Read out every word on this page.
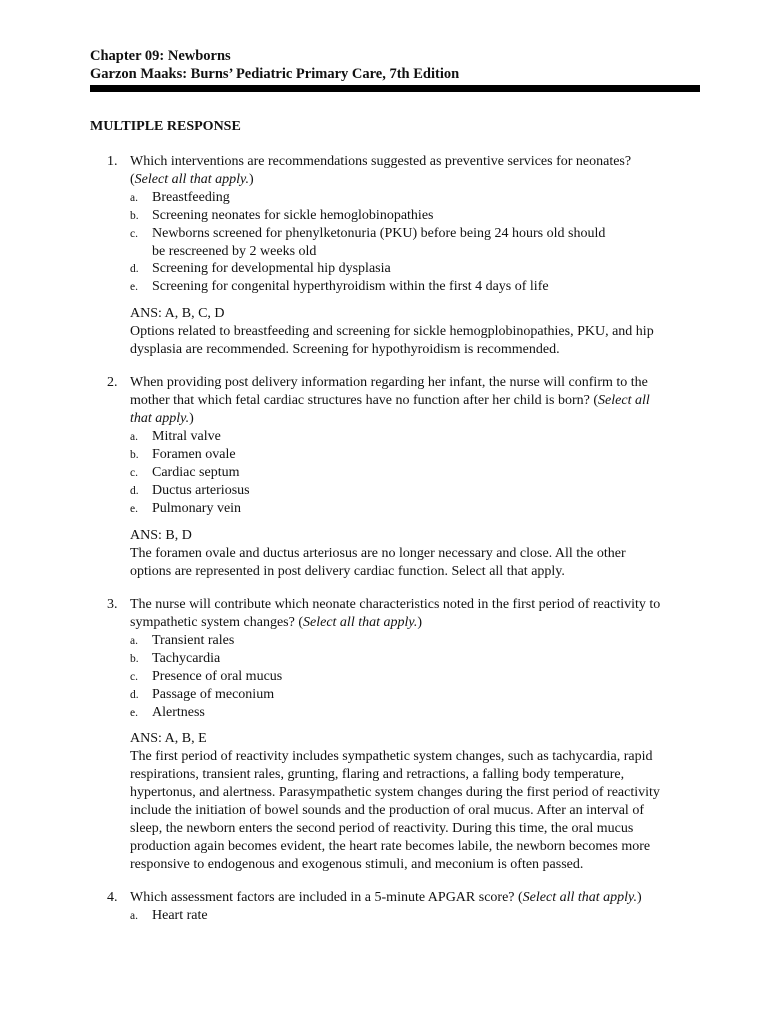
Chapter 09: Newborns
Garzon Maaks: Burns’ Pediatric Primary Care, 7th Edition
MULTIPLE RESPONSE
1. Which interventions are recommendations suggested as preventive services for neonates?
(Select all that apply.)
a. Breastfeeding
b. Screening neonates for sickle hemoglobinopathies
c. Newborns screened for phenylketonuria (PKU) before being 24 hours old should
be rescreened by 2 weeks old
d. Screening for developmental hip dysplasia
e. Screening for congenital hyperthyroidism within the first 4 days of life
ANS: A, B, C, D
Options related to breastfeeding and screening for sickle hemogplobinopathies, PKU, and hip
dysplasia are recommended. Screening for hypothyroidism is recommended.
2. When providing post delivery information regarding her infant, the nurse will confirm to the
mother that which fetal cardiac structures have no function after her child is born? (Select all
that apply.)
a. Mitral valve
b. Foramen ovale
c. Cardiac septum
d. Ductus arteriosus
e. Pulmonary vein
ANS: B, D
The foramen ovale and ductus arteriosus are no longer necessary and close. All the other
options are represented in post delivery cardiac function. Select all that apply.
3. The nurse will contribute which neonate characteristics noted in the first period of reactivity to
sympathetic system changes? (Select all that apply.)
a. Transient rales
b. Tachycardia
c. Presence of oral mucus
d. Passage of meconium
e. Alertness
ANS: A, B, E
The first period of reactivity includes sympathetic system changes, such as tachycardia, rapid
respirations, transient rales, grunting, flaring and retractions, a falling body temperature,
hypertonus, and alertness. Parasympathetic system changes during the first period of reactivity
include the initiation of bowel sounds and the production of oral mucus. After an interval of
sleep, the newborn enters the second period of reactivity. During this time, the oral mucus
production again becomes evident, the heart rate becomes labile, the newborn becomes more
responsive to endogenous and exogenous stimuli, and meconium is often passed.
4. Which assessment factors are included in a 5-minute APGAR score? (Select all that apply.)
a. Heart rate
